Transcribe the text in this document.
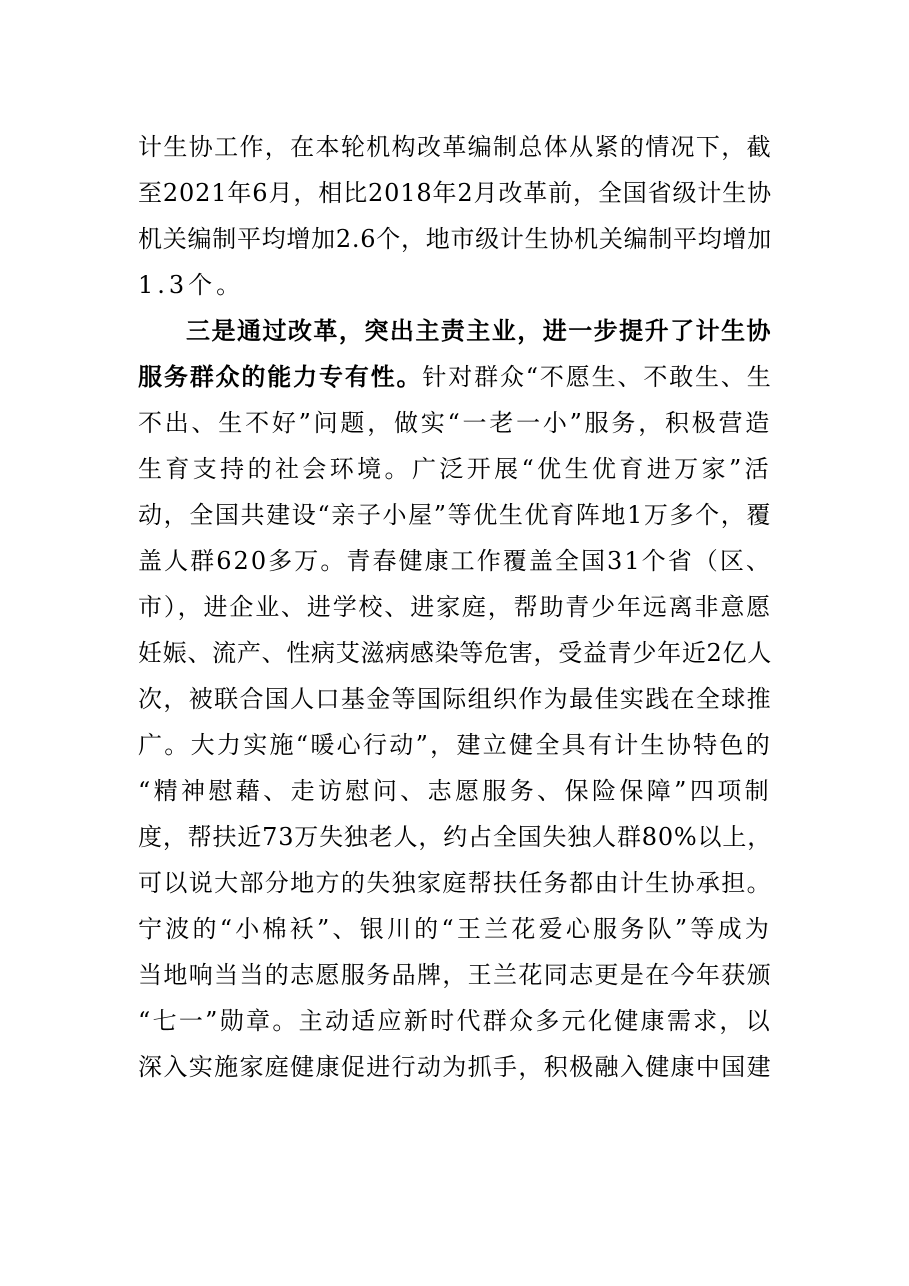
计生协工作，在本轮机构改革编制总体从紧的情况下，截
至2021年6月，相比2018年2月改革前，全国省级计生协
机关编制平均增加2.6个，地市级计生协机关编制平均增加
1.3个。
三是通过改革，突出主责主业，进一步提升了计生协
服务群众的能力专有性。针对群众“不愿生、不敢生、生
不出、生不好”问题，做实“一老一小”服务，积极营造
生育支持的社会环境。广泛开展“优生优育进万家”活
动，全国共建设“亲子小屋”等优生优育阵地1万多个，覆
盖人群620多万。青春健康工作覆盖全国31个省（区、
市），进企业、进学校、进家庭，帮助青少年远离非意愿
妊娠、流产、性病艾滋病感染等危害，受益青少年近2亿人
次，被联合国人口基金等国际组织作为最佳实践在全球推
广。大力实施“暖心行动”，建立健全具有计生协特色的
“精神慰藉、走访慰问、志愿服务、保险保障”四项制
度，帮扶近73万失独老人，约占全国失独人群80%以上，
可以说大部分地方的失独家庭帮扶任务都由计生协承担。
宁波的“小棉袄”、银川的“王兰花爱心服务队”等成为
当地响当当的志愿服务品牌，王兰花同志更是在今年获颁
“七一”勋章。主动适应新时代群众多元化健康需求，以
深入实施家庭健康促进行动为抓手，积极融入健康中国建
